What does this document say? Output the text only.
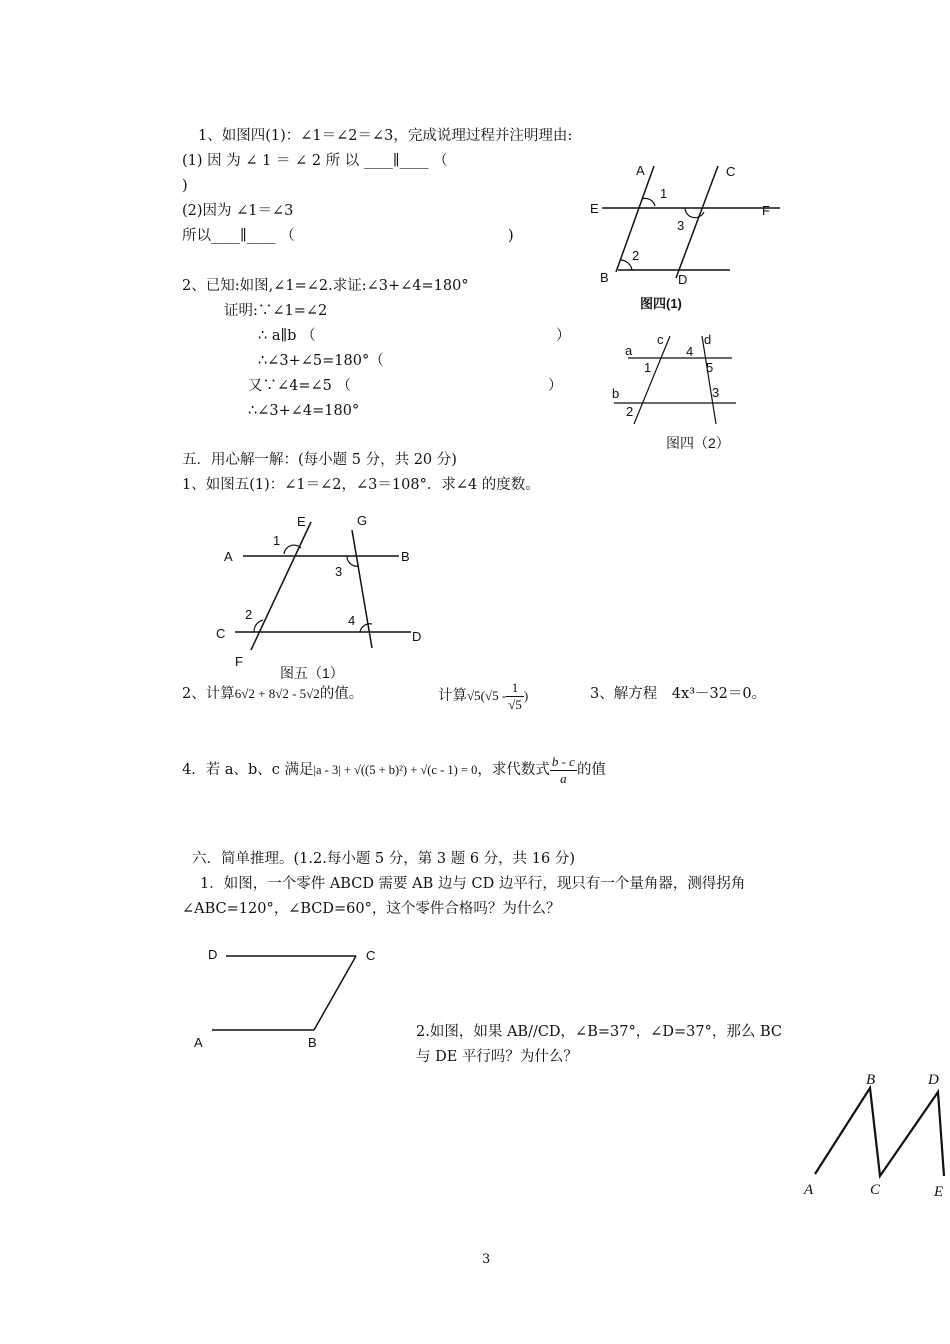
1、如图四(1)：∠1＝∠2＝∠3，完成说理过程并注明理由:
(1) 因 为 ∠ 1 ＝ ∠ 2 所 以 ____∥____ （
)
(2)因为 ∠1＝∠3
所以____∥____ （	)
2、已知:如图,∠1=∠2.求证:∠3+∠4=180°
证明:∵∠1=∠2
∴ a∥b （	）
∴∠3+∠5=180°（
又∵∠4=∠5 （	）
∴∠3+∠4=180°
A	C
E	F
B	D
1
2
3
图四(1)
a
b
c	d
1
2
3
4
5
图四（2）
五．用心解一解：(每小题 5 分，共 20 分)
1、如图五(1)：∠1＝∠2，∠3＝108°．求∠4 的度数。
A	B
C	D
E
F
G
1
2
3
4
图五（1）
2、计算6√2 + 8√2 - 5√2的值。	计算$√5(√5 - \frac{1}{√5}$ )	3、解方程　4x³－32＝0。
4．若 a、b、c 满足|a - 3| + √((5 + b)²) + √(c - 1) = 0，求代数式 $\frac{b - c}{a}$ 的值
六．简单推理。(1.2.每小题 5 分，第 3 题 6 分，共 16 分)
1．如图，一个零件 ABCD 需要 AB 边与 CD 边平行，现只有一个量角器，测得拐角
∠ABC=120°，∠BCD=60°，这个零件合格吗？为什么？
D	C
A	B
2.如图，如果 AB//CD，∠B=37°，∠D=37°，那么 BC
与 DE 平行吗？为什么？
A
B
C
D
E
3
